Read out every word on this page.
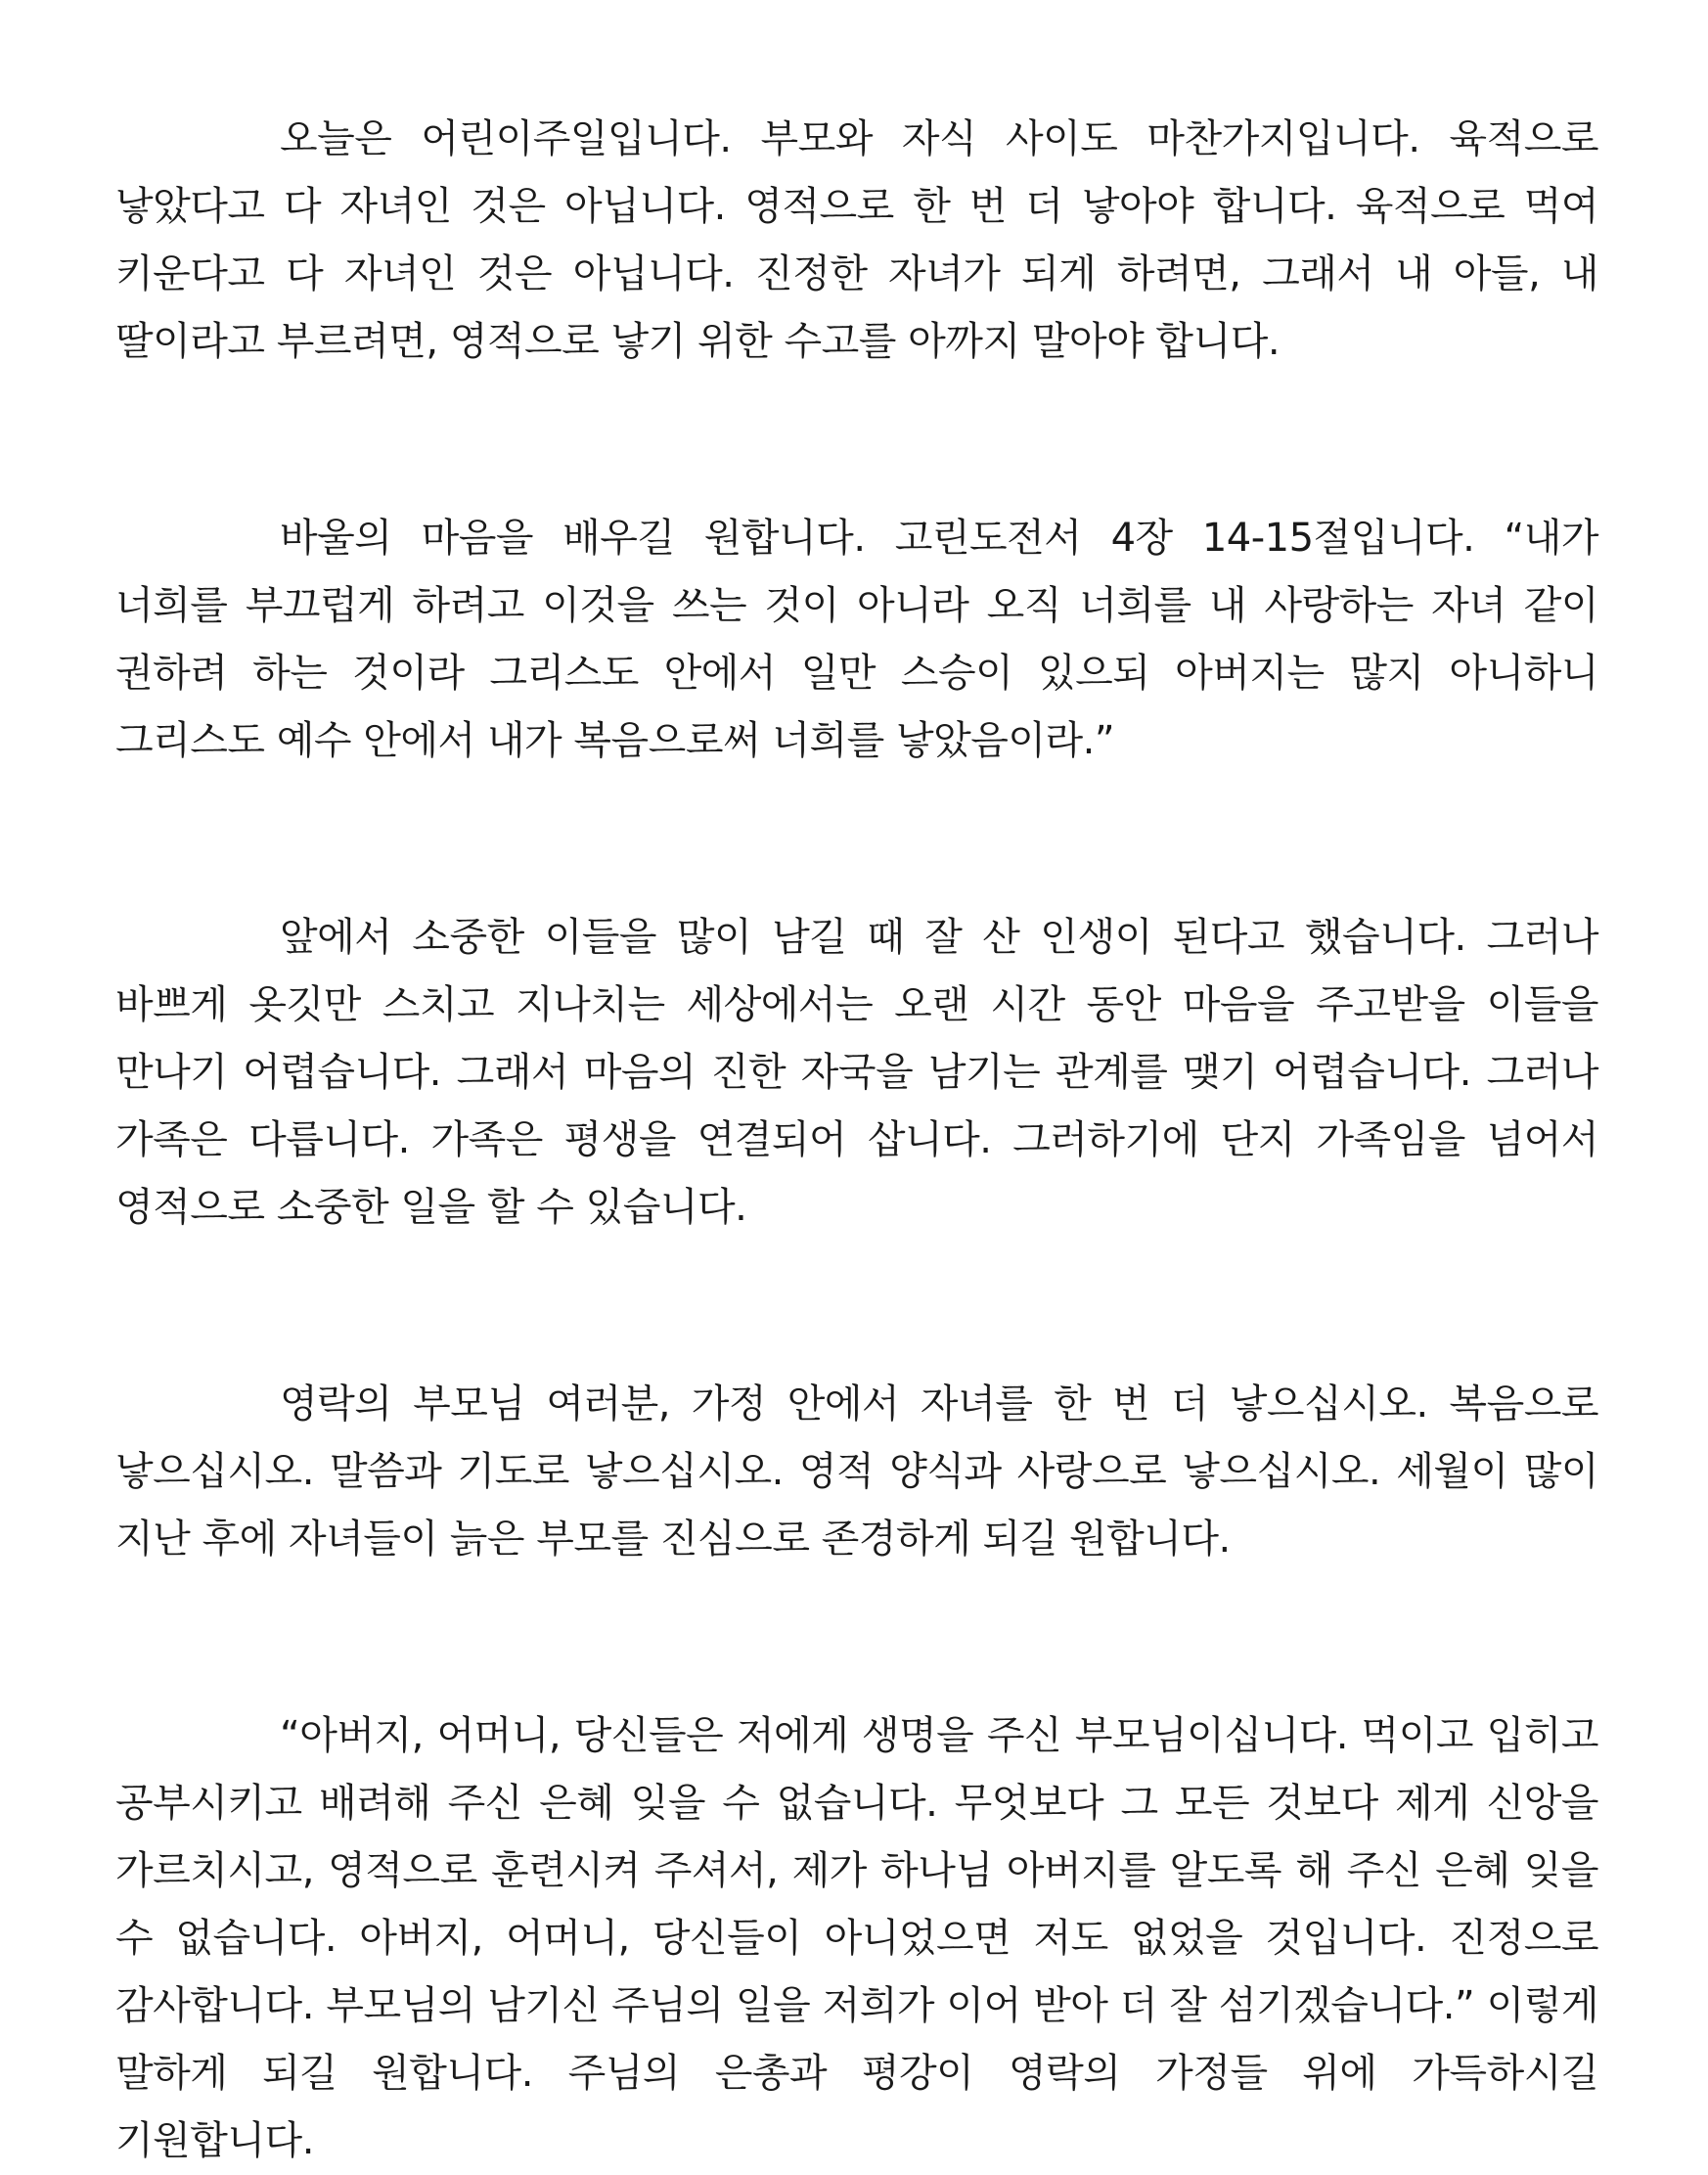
오늘은 어린이주일입니다. 부모와 자식 사이도 마찬가지입니다. 육적으로 낳았다고 다 자녀인 것은 아닙니다. 영적으로 한 번 더 낳아야 합니다. 육적으로 먹여 키운다고 다 자녀인 것은 아닙니다. 진정한 자녀가 되게 하려면, 그래서 내 아들, 내 딸이라고 부르려면, 영적으로 낳기 위한 수고를 아까지 말아야 합니다.

바울의 마음을 배우길 원합니다. 고린도전서 4장 14-15절입니다. “내가 너희를 부끄럽게 하려고 이것을 쓰는 것이 아니라 오직 너희를 내 사랑하는 자녀 같이 권하려 하는 것이라 그리스도 안에서 일만 스승이 있으되 아버지는 많지 아니하니 그리스도 예수 안에서 내가 복음으로써 너희를 낳았음이라.”

앞에서 소중한 이들을 많이 남길 때 잘 산 인생이 된다고 했습니다. 그러나 바쁘게 옷깃만 스치고 지나치는 세상에서는 오랜 시간 동안 마음을 주고받을 이들을 만나기 어렵습니다. 그래서 마음의 진한 자국을 남기는 관계를 맺기 어렵습니다. 그러나 가족은 다릅니다. 가족은 평생을 연결되어 삽니다. 그러하기에 단지 가족임을 넘어서 영적으로 소중한 일을 할 수 있습니다.

영락의 부모님 여러분, 가정 안에서 자녀를 한 번 더 낳으십시오. 복음으로 낳으십시오. 말씀과 기도로 낳으십시오. 영적 양식과 사랑으로 낳으십시오. 세월이 많이 지난 후에 자녀들이 늙은 부모를 진심으로 존경하게 되길 원합니다.

“아버지, 어머니, 당신들은 저에게 생명을 주신 부모님이십니다. 먹이고 입히고 공부시키고 배려해 주신 은혜 잊을 수 없습니다. 무엇보다 그 모든 것보다 제게 신앙을 가르치시고, 영적으로 훈련시켜 주셔서, 제가 하나님 아버지를 알도록 해 주신 은혜 잊을 수 없습니다. 아버지, 어머니, 당신들이 아니었으면 저도 없었을 것입니다. 진정으로 감사합니다. 부모님의 남기신 주님의 일을 저희가 이어 받아 더 잘 섬기겠습니다.” 이렇게 말하게 되길 원합니다. 주님의 은총과 평강이 영락의 가정들 위에 가득하시길 기원합니다.
